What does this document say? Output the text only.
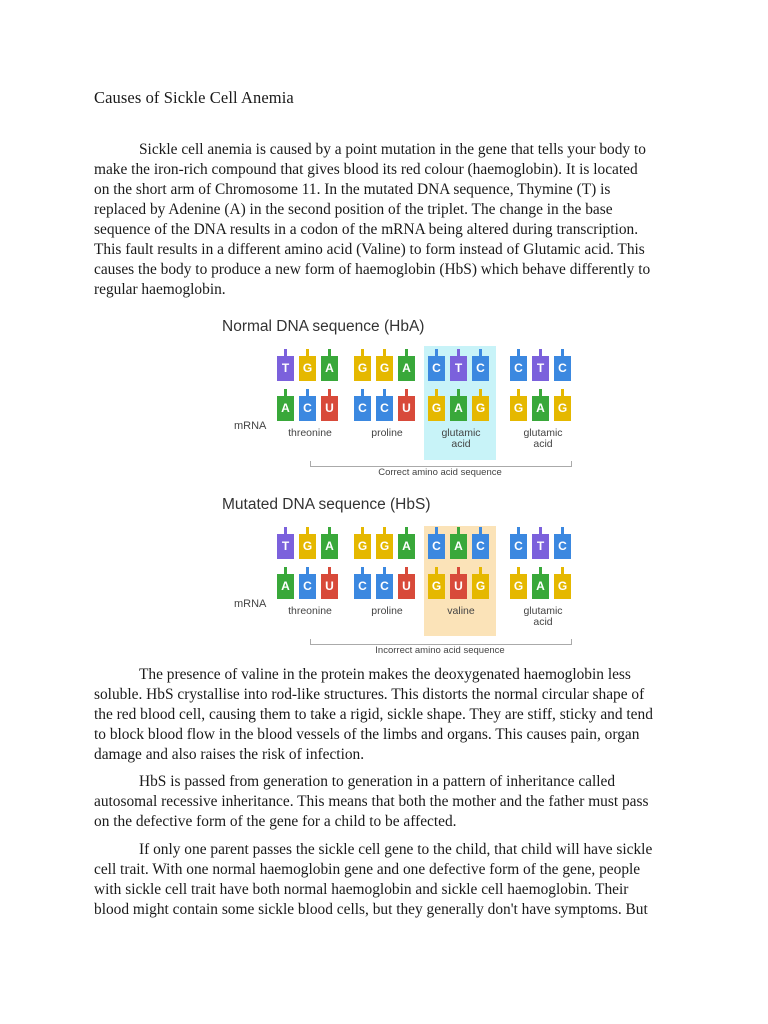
Causes of Sickle Cell Anemia

Sickle cell anemia is caused by a point mutation in the gene that tells your body to make the iron-rich compound that gives blood its red colour (haemoglobin). It is located on the short arm of Chromosome 11. In the mutated DNA sequence, Thymine (T) is replaced by Adenine (A) in the second position of the triplet. The change in the base sequence of the DNA results in a codon of the mRNA being altered during transcription. This fault results in a different amino acid (Valine) to form instead of Glutamic acid. This causes the body to produce a new form of haemoglobin (HbS) which behave differently to regular haemoglobin.

Normal DNA sequence (HbA)
mRNA
T	G	A
A	C	U
threonine
G	G	A
C	C	U
proline
C	T	C
G	A	G
glutamic
acid
C	T	C
G	A	G
glutamic
acid
Correct amino acid sequence
Mutated DNA sequence (HbS)
mRNA
T	G	A
A	C	U
threonine
G	G	A
C	C	U
proline
C	A	C
G	U	G
valine
C	T	C
G	A	G
glutamic
acid
Incorrect amino acid sequence

The presence of valine in the protein makes the deoxygenated haemoglobin less soluble. HbS crystallise into rod-like structures. This distorts the normal circular shape of the red blood cell, causing them to take a rigid, sickle shape. They are stiff, sticky and tend to block blood flow in the blood vessels of the limbs and organs. This causes pain, organ damage and also raises the risk of infection.

HbS is passed from generation to generation in a pattern of inheritance called autosomal recessive inheritance. This means that both the mother and the father must pass on the defective form of the gene for a child to be affected.

If only one parent passes the sickle cell gene to the child, that child will have sickle cell trait. With one normal haemoglobin gene and one defective form of the gene, people with sickle cell trait have both normal haemoglobin and sickle cell haemoglobin. Their blood might contain some sickle blood cells, but they generally don't have symptoms. But
